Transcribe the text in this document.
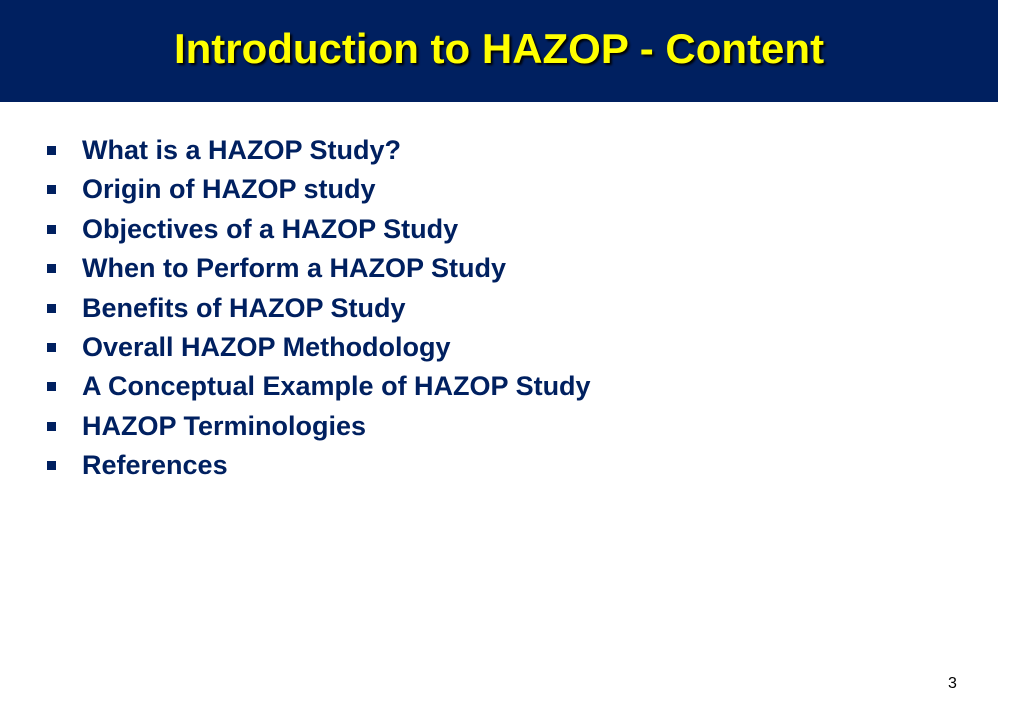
Introduction to HAZOP - Content
What is a HAZOP Study?
Origin of HAZOP study
Objectives of a HAZOP Study
When to Perform a HAZOP Study
Benefits of HAZOP Study
Overall HAZOP Methodology
A Conceptual Example of HAZOP Study
HAZOP Terminologies
References
3
